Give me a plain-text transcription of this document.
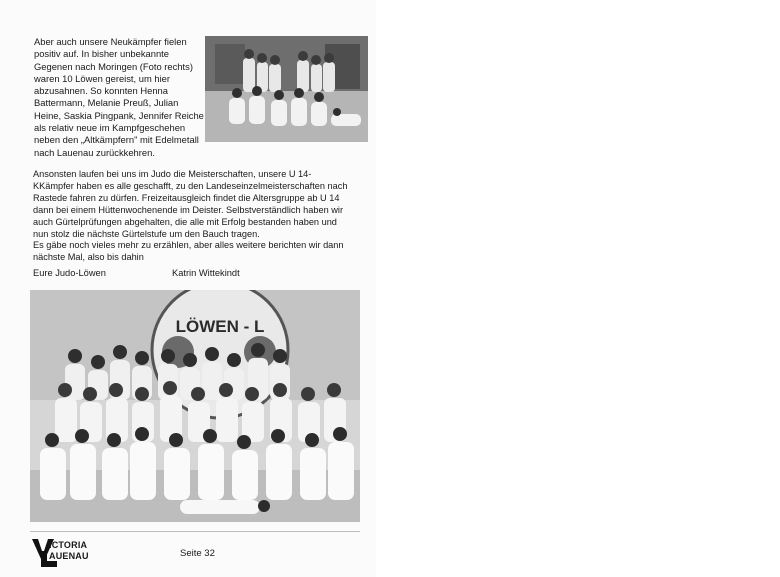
Aber auch unsere Neukämpfer fielen
positiv auf. In bisher unbekannte
Gegenen nach Moringen (Foto rechts)
waren 10 Löwen gereist, um hier
abzusahnen. So konnten Henna
Battermann, Melanie Preuß, Julian
Heine, Saskia Pingpank, Jennifer Reiche
als relativ neue im Kampfgeschehen
neben den „Altkämpfern" mit Edelmetall
nach Lauenau zurückkehren.
Ansonsten laufen bei uns im Judo die Meisterschaften, unsere U 14-
KKämpfer haben es alle geschafft, zu den Landeseinzelmeisterschaften nach
Rastede fahren zu dürfen. Freizeitausgleich findet die Altersgruppe ab U 14
dann bei einem Hüttenwochenende im Deister. Selbstverständlich haben wir
auch Gürtelprüfungen abgehalten, die alle mit Erfolg bestanden haben und
nun stolz die nächste Gürtelstufe um den Bauch tragen.
Es gäbe noch vieles mehr zu erzählen, aber alles weitere berichten wir dann
nächste Mal, also bis dahin
Eure Judo-Löwen	Katrin Wittekindt
LÖWEN - L
ICTORIA
AUENAU	Seite 32
